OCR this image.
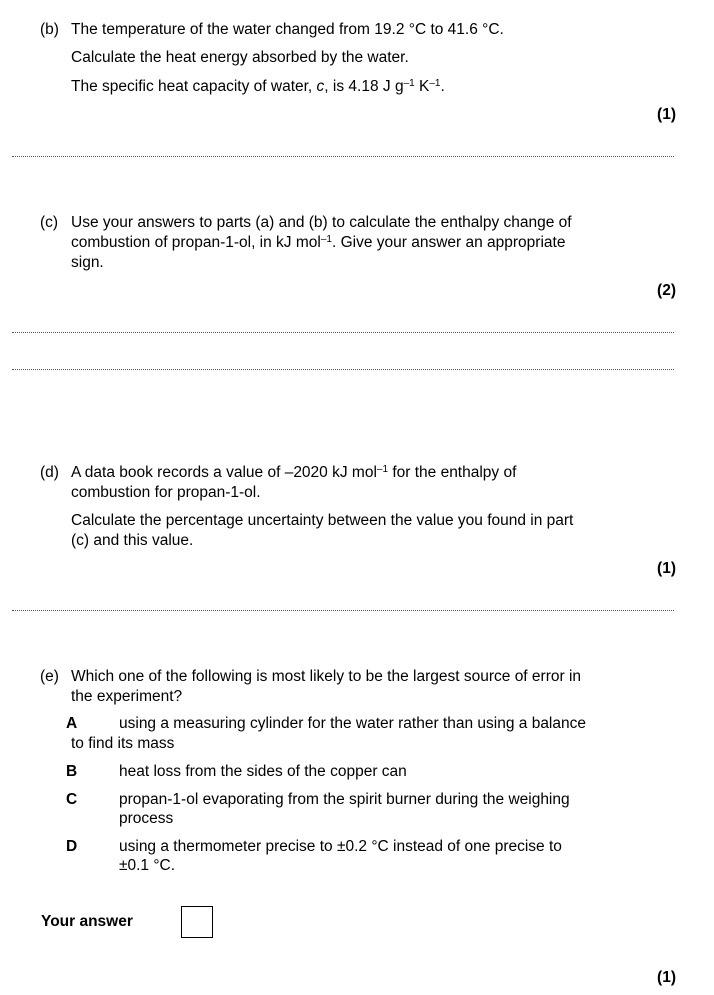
(b) The temperature of the water changed from 19.2 °C to 41.6 °C.
Calculate the heat energy absorbed by the water.
The specific heat capacity of water, c, is 4.18 J $g^{-1}$ $K^{-1}$.
(1)
(c) Use your answers to parts (a) and (b) to calculate the enthalpy change of
combustion of propan-1-ol, in kJ mol$^{-1}$. Give your answer an appropriate
sign.
(2)
(d) A data book records a value of –2020 kJ mol$^{-1}$ for the enthalpy of
combustion for propan-1-ol.
Calculate the percentage uncertainty between the value you found in part
(c) and this value.
(1)
(e) Which one of the following is most likely to be the largest source of error in
the experiment?
A	using a measuring cylinder for the water rather than using a balance
to find its mass
B	heat loss from the sides of the copper can
C	propan-1-ol evaporating from the spirit burner during the weighing
process
D	using a thermometer precise to ±0.2 °C instead of one precise to
±0.1 °C.
Your answer
(1)
